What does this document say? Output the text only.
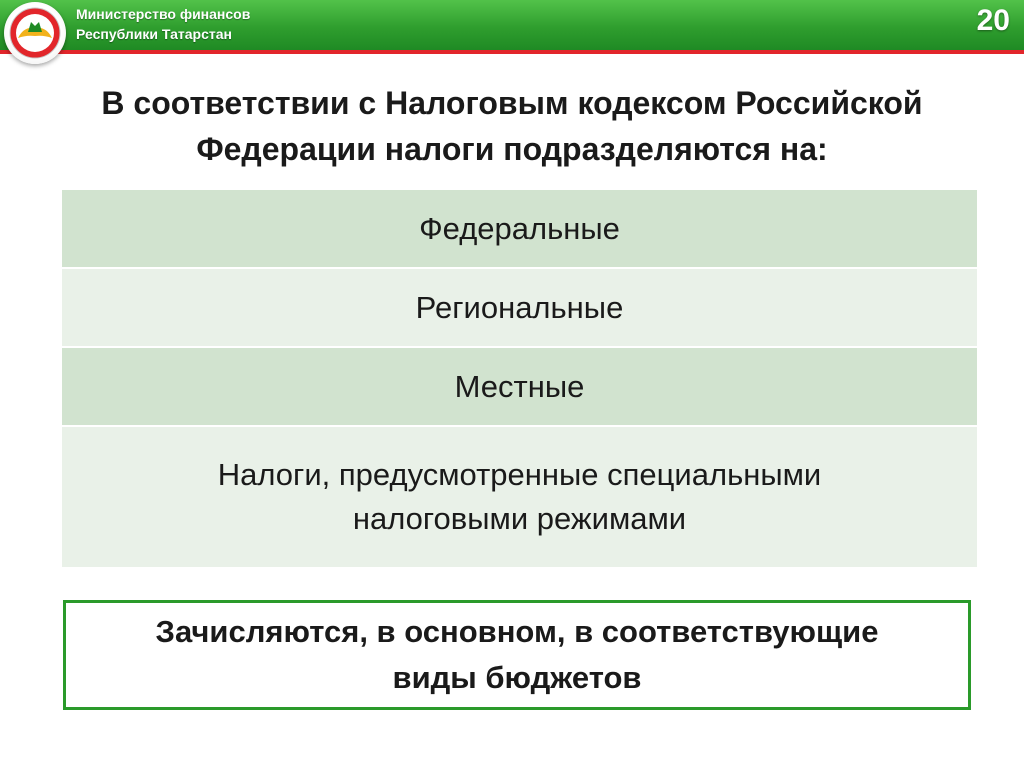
Министерство финансов
Республики Татарстан	20
В соответствии с Налоговым кодексом Российской
Федерации налоги подразделяются на:
Федеральные
Региональные
Местные
Налоги, предусмотренные специальными
налоговыми режимами
Зачисляются, в основном, в соответствующие
виды бюджетов
